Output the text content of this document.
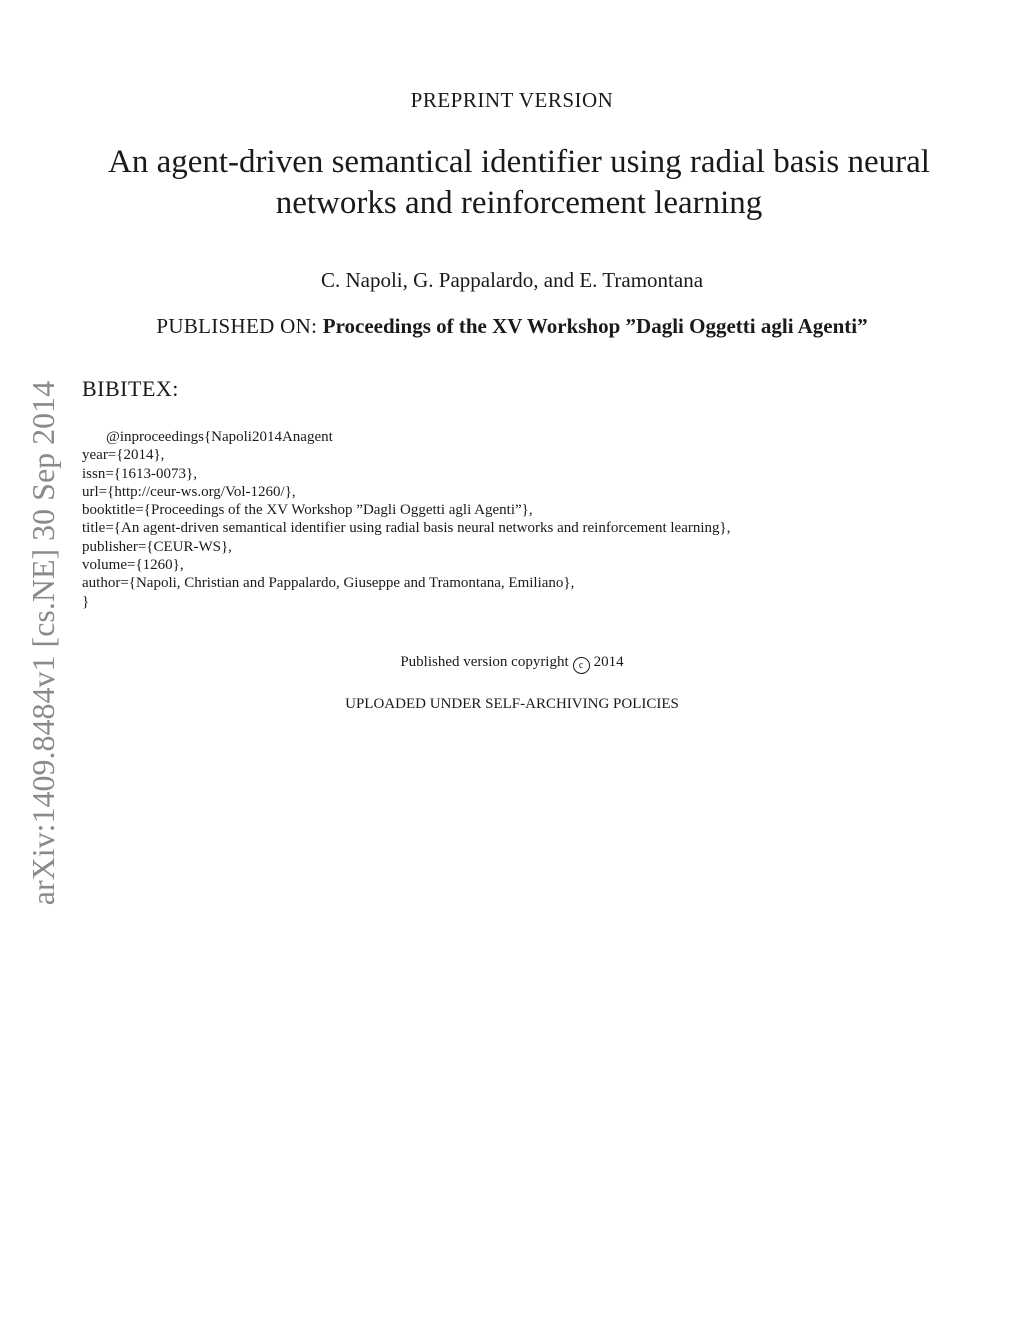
PREPRINT VERSION
An agent-driven semantical identifier using radial basis neural networks and reinforcement learning
C. Napoli, G. Pappalardo, and E. Tramontana
PUBLISHED ON: Proceedings of the XV Workshop ”Dagli Oggetti agli Agenti”
BIBITEX:
@inproceedings{Napoli2014Anagent
year={2014},
issn={1613-0073},
url={http://ceur-ws.org/Vol-1260/},
booktitle={Proceedings of the XV Workshop ”Dagli Oggetti agli Agenti”},
title={An agent-driven semantical identifier using radial basis neural networks and reinforcement learning},
publisher={CEUR-WS},
volume={1260},
author={Napoli, Christian and Pappalardo, Giuseppe and Tramontana, Emiliano},
}
Published version copyright c 2014
UPLOADED UNDER SELF-ARCHIVING POLICIES
arXiv:1409.8484v1 [cs.NE] 30 Sep 2014
